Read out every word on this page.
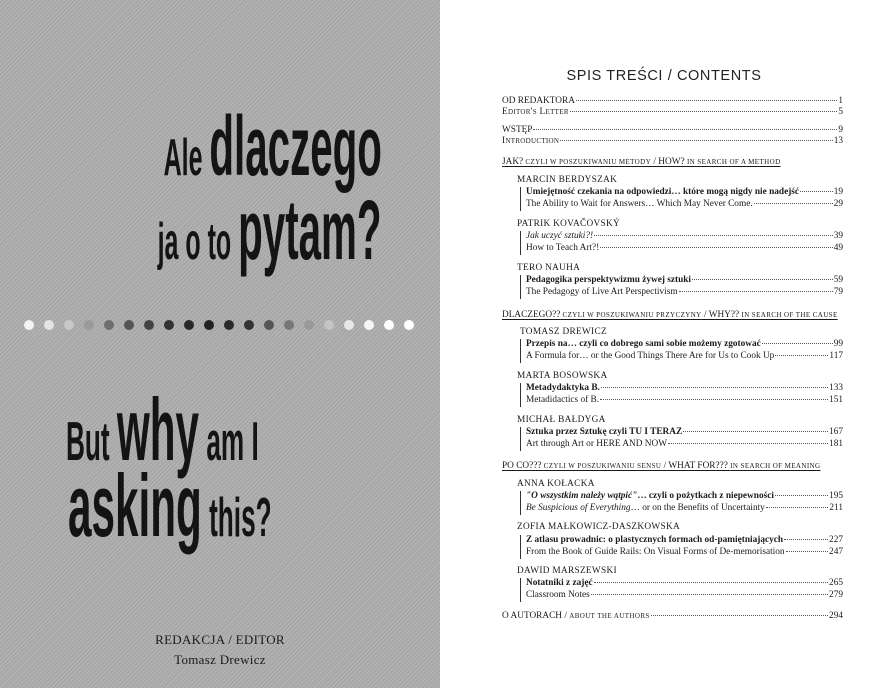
Ale dlaczego
ja o to pytam?
But why am I
asking this?
REDAKCJA / EDITOR
Tomasz Drewicz
SPIS TREŚCI / CONTENTS
OD REDAKTORA	1
Editor's Letter	5
WSTĘP	9
Introduction	13
JAK? CZYLI W POSZUKIWANIU METODY / HOW? IN SEARCH OF A METHOD
MARCIN BERDYSZAK
Umiejętność czekania na odpowiedzi… które mogą nigdy nie nadejść	19
The Ability to Wait for Answers… Which May Never Come.	29
PATRIK KOVAČOVSKÝ
Jak uczyć sztuki?!	39
How to Teach Art?!	49
TERO NAUHA
Pedagogika perspektywizmu żywej sztuki	59
The Pedagogy of Live Art Perspectivism	79
DLACZEGO?? CZYLI W POSZUKIWANIU PRZYCZYNY / WHY?? IN SEARCH OF THE CAUSE
TOMASZ DREWICZ
Przepis na… czyli co dobrego sami sobie możemy zgotować	99
A Formula for… or the Good Things There Are for Us to Cook Up	117
MARTA BOSOWSKA
Metadydaktyka B.	133
Metadidactics of B.	151
MICHAŁ BAŁDYGA
Sztuka przez Sztukę czyli TU I TERAZ	167
Art through Art or HERE AND NOW	181
PO CO??? CZYLI W POSZUKIWANIU SENSU / WHAT FOR??? IN SEARCH OF MEANING
ANNA KOŁACKA
"O wszystkim należy wątpić"… czyli o pożytkach z niepewności	195
Be Suspicious of Everything… or on the Benefits of Uncertainty	211
ZOFIA MAŁKOWICZ-DASZKOWSKA
Z atlasu prowadnic: o plastycznych formach od-pamiętniających	227
From the Book of Guide Rails: On Visual Forms of De-memorisation	247
DAWID MARSZEWSKI
Notatniki z zajęć	265
Classroom Notes	279
O AUTORACH / ABOUT THE AUTHORS	294
